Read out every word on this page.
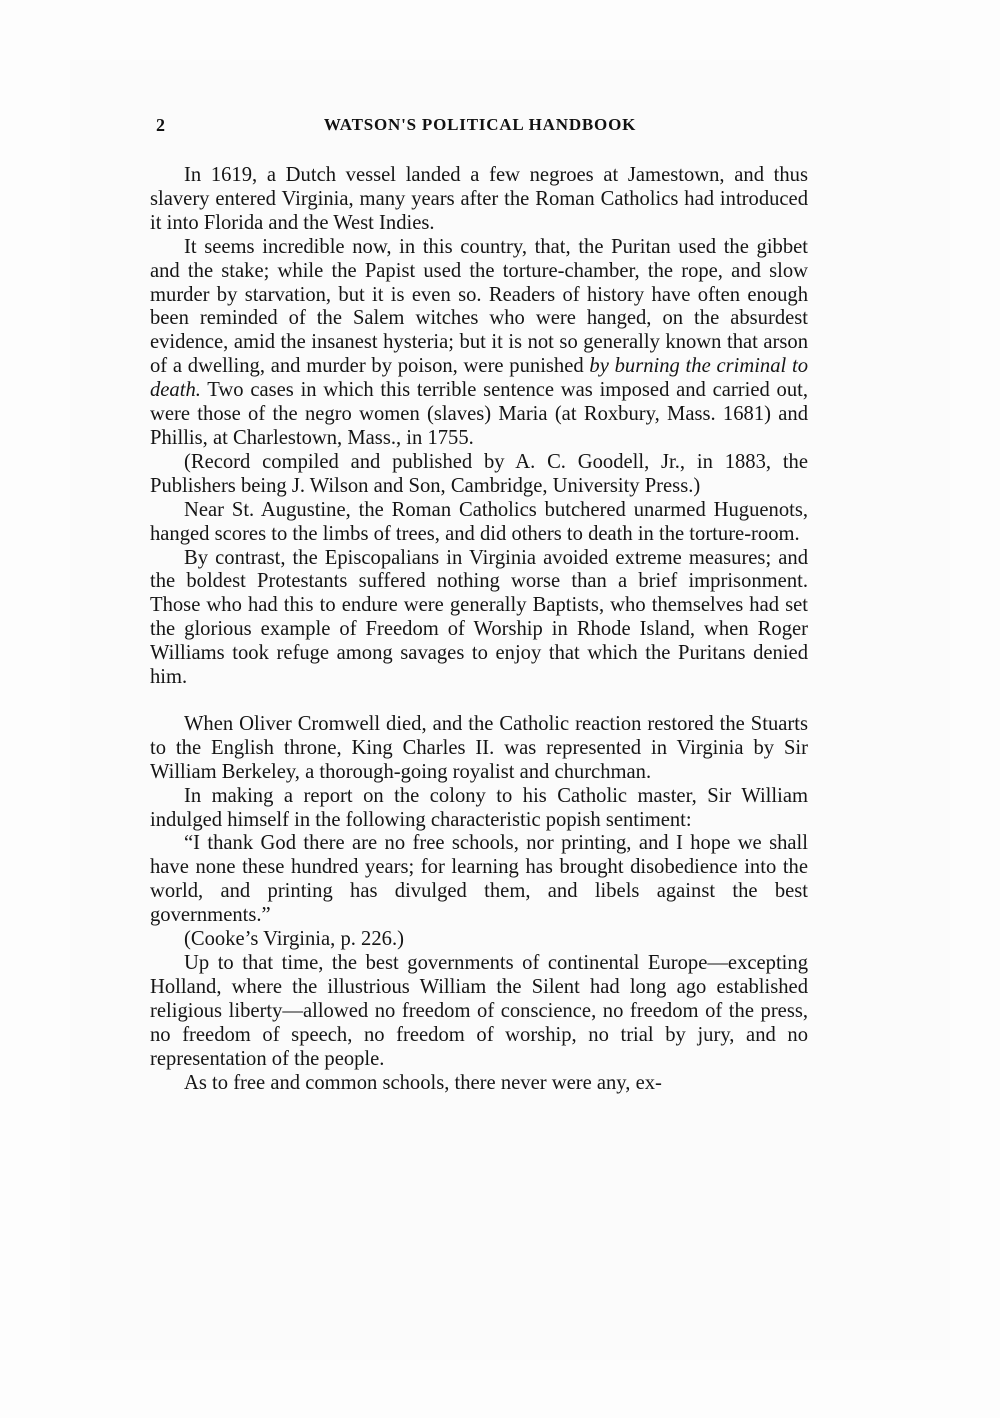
2	WATSON'S POLITICAL HANDBOOK

In 1619, a Dutch vessel landed a few negroes at Jamestown, and thus slavery entered Virginia, many years after the Roman Catholics had introduced it into Florida and the West Indies.

It seems incredible now, in this country, that, the Puritan used the gibbet and the stake; while the Papist used the torture-chamber, the rope, and slow murder by starvation, but it is even so. Readers of history have often enough been reminded of the Salem witches who were hanged, on the absurdest evidence, amid the insanest hysteria; but it is not so generally known that arson of a dwelling, and murder by poison, were punished by burning the criminal to death. Two cases in which this terrible sentence was imposed and carried out, were those of the negro women (slaves) Maria (at Roxbury, Mass. 1681) and Phillis, at Charlestown, Mass., in 1755.

(Record compiled and published by A. C. Goodell, Jr., in 1883, the Publishers being J. Wilson and Son, Cambridge, University Press.)

Near St. Augustine, the Roman Catholics butchered unarmed Huguenots, hanged scores to the limbs of trees, and did others to death in the torture-room.

By contrast, the Episcopalians in Virginia avoided extreme measures; and the boldest Protestants suffered nothing worse than a brief imprisonment. Those who had this to endure were generally Baptists, who themselves had set the glorious example of Freedom of Worship in Rhode Island, when Roger Williams took refuge among savages to enjoy that which the Puritans denied him.

When Oliver Cromwell died, and the Catholic reaction restored the Stuarts to the English throne, King Charles II. was represented in Virginia by Sir William Berkeley, a thorough-going royalist and churchman.

In making a report on the colony to his Catholic master, Sir William indulged himself in the following characteristic popish sentiment:

“I thank God there are no free schools, nor printing, and I hope we shall have none these hundred years; for learning has brought disobedience into the world, and printing has divulged them, and libels against the best governments.”

(Cooke’s Virginia, p. 226.)

Up to that time, the best governments of continental Europe—excepting Holland, where the illustrious William the Silent had long ago established religious liberty—allowed no freedom of conscience, no freedom of the press, no freedom of speech, no freedom of worship, no trial by jury, and no representation of the people.

As to free and common schools, there never were any, ex-
